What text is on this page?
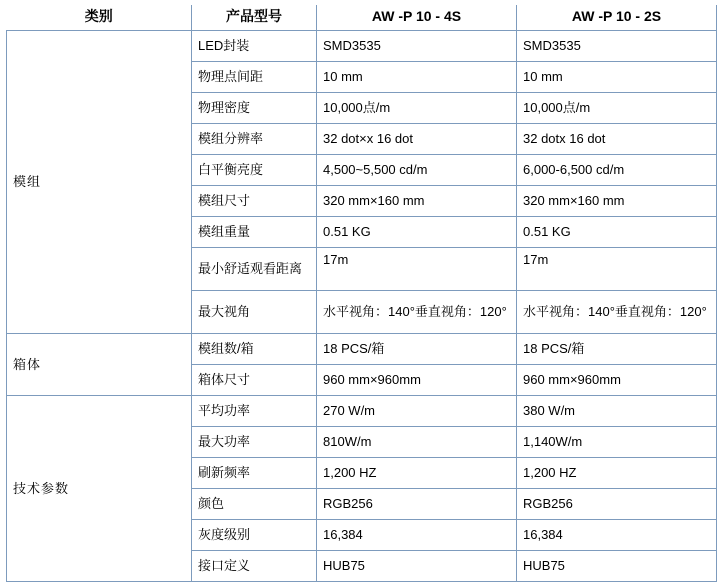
类别	产品型号	AW -P 10 - 4S	AW -P 10 - 2S
模组	LED封装	SMD3535	SMD3535
	物理点间距	10 mm	10 mm
	物理密度	10,000点/m	10,000点/m
	模组分辨率	32 dot×x 16 dot	32 dotx 16 dot
	白平衡亮度	4,500~5,500 cd/m	6,000-6,500 cd/m
	模组尺寸	320 mm×160 mm	320 mm×160 mm
	模组重量	0.51 KG	0.51 KG
	最小舒适观看距离	17m	17m
	最大视角	水平视角：140°垂直视角：120°	水平视角：140°垂直视角：120°
箱体	模组数/箱	18 PCS/箱	18 PCS/箱
	箱体尺寸	960 mm×960mm	960 mm×960mm
技术参数	平均功率	270 W/m	380 W/m
	最大功率	810W/m	1,140W/m
	刷新频率	1,200 HZ	1,200 HZ
	颜色	RGB256	RGB256
	灰度级别	16,384	16,384
	接口定义	HUB75	HUB75
